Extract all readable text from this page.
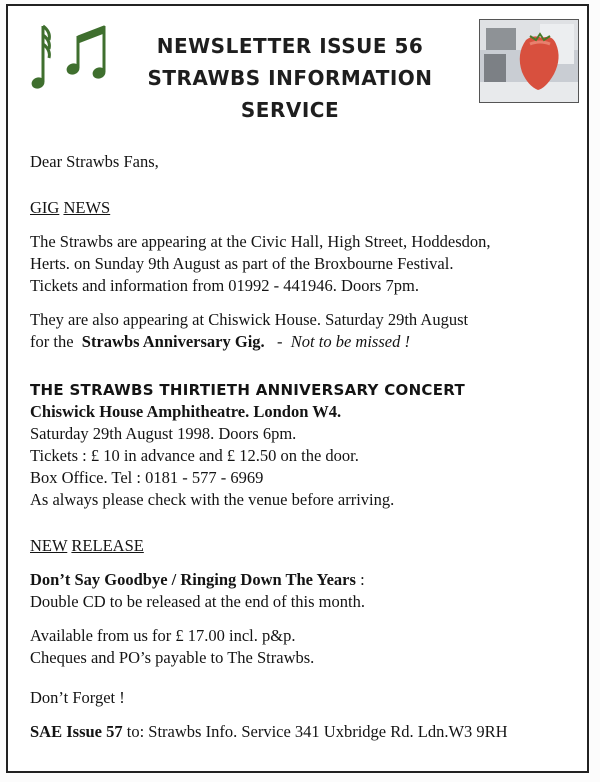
NEWSLETTER ISSUE 56
STRAWBS INFORMATION
SERVICE
Dear Strawbs Fans,
GIG NEWS
The Strawbs are appearing at the Civic Hall, High Street, Hoddesdon,
Herts. on Sunday 9th August as part of the Broxbourne Festival.
Tickets and information from 01992 - 441946. Doors 7pm.
They are also appearing at Chiswick House. Saturday 29th August
for the Strawbs Anniversary Gig. - Not to be missed !
THE STRAWBS THIRTIETH ANNIVERSARY CONCERT
Chiswick House Amphitheatre. London W4.
Saturday 29th August 1998. Doors 6pm.
Tickets : £ 10 in advance and £ 12.50 on the door.
Box Office. Tel : 0181 - 577 - 6969
As always please check with the venue before arriving.
NEW RELEASE
Don’t Say Goodbye / Ringing Down The Years :
Double CD to be released at the end of this month.
Available from us for £ 17.00 incl. p&p.
Cheques and PO’s payable to The Strawbs.
Don’t Forget !
SAE Issue 57 to: Strawbs Info. Service 341 Uxbridge Rd. Ldn.W3 9RH
